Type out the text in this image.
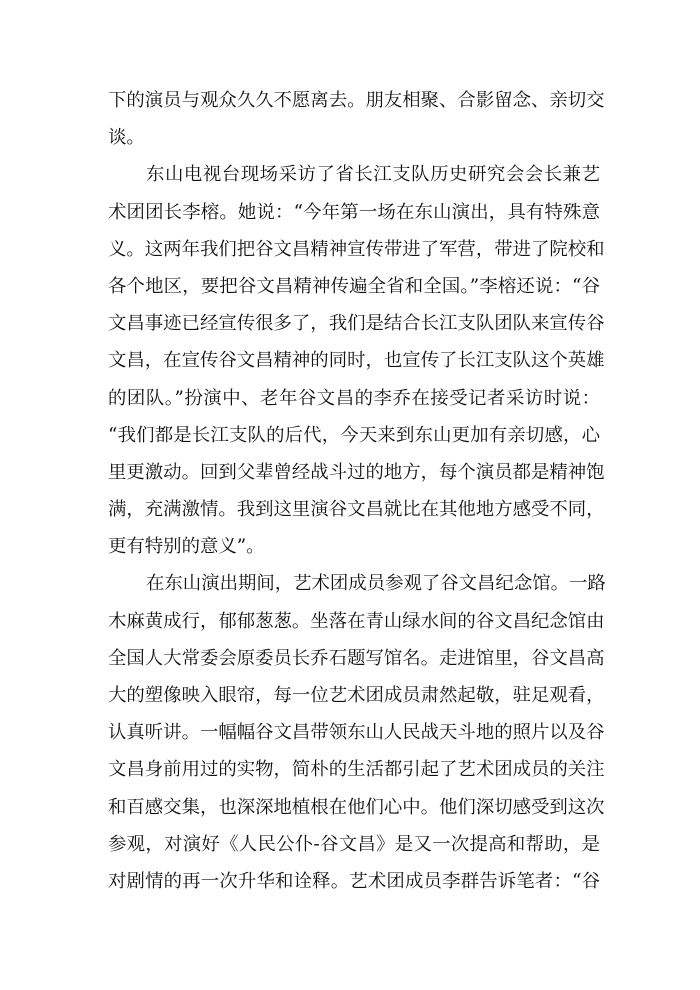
下的演员与观众久久不愿离去。朋友相聚、合影留念、亲切交
谈。
东山电视台现场采访了省长江支队历史研究会会长兼艺
术团团长李榕。她说：“今年第一场在东山演出，具有特殊意
义。这两年我们把谷文昌精神宣传带进了军营，带进了院校和
各个地区，要把谷文昌精神传遍全省和全国。”李榕还说：“谷
文昌事迹已经宣传很多了，我们是结合长江支队团队来宣传谷
文昌，在宣传谷文昌精神的同时，也宣传了长江支队这个英雄
的团队。”扮演中、老年谷文昌的李乔在接受记者采访时说：
“我们都是长江支队的后代，今天来到东山更加有亲切感，心
里更激动。回到父辈曾经战斗过的地方，每个演员都是精神饱
满，充满激情。我到这里演谷文昌就比在其他地方感受不同，
更有特别的意义”。
在东山演出期间，艺术团成员参观了谷文昌纪念馆。一路
木麻黄成行，郁郁葱葱。坐落在青山绿水间的谷文昌纪念馆由
全国人大常委会原委员长乔石题写馆名。走进馆里，谷文昌高
大的塑像映入眼帘，每一位艺术团成员肃然起敬，驻足观看，
认真听讲。一幅幅谷文昌带领东山人民战天斗地的照片以及谷
文昌身前用过的实物，简朴的生活都引起了艺术团成员的关注
和百感交集，也深深地植根在他们心中。他们深切感受到这次
参观，对演好《人民公仆-谷文昌》是又一次提高和帮助，是
对剧情的再一次升华和诠释。艺术团成员李群告诉笔者：“谷
